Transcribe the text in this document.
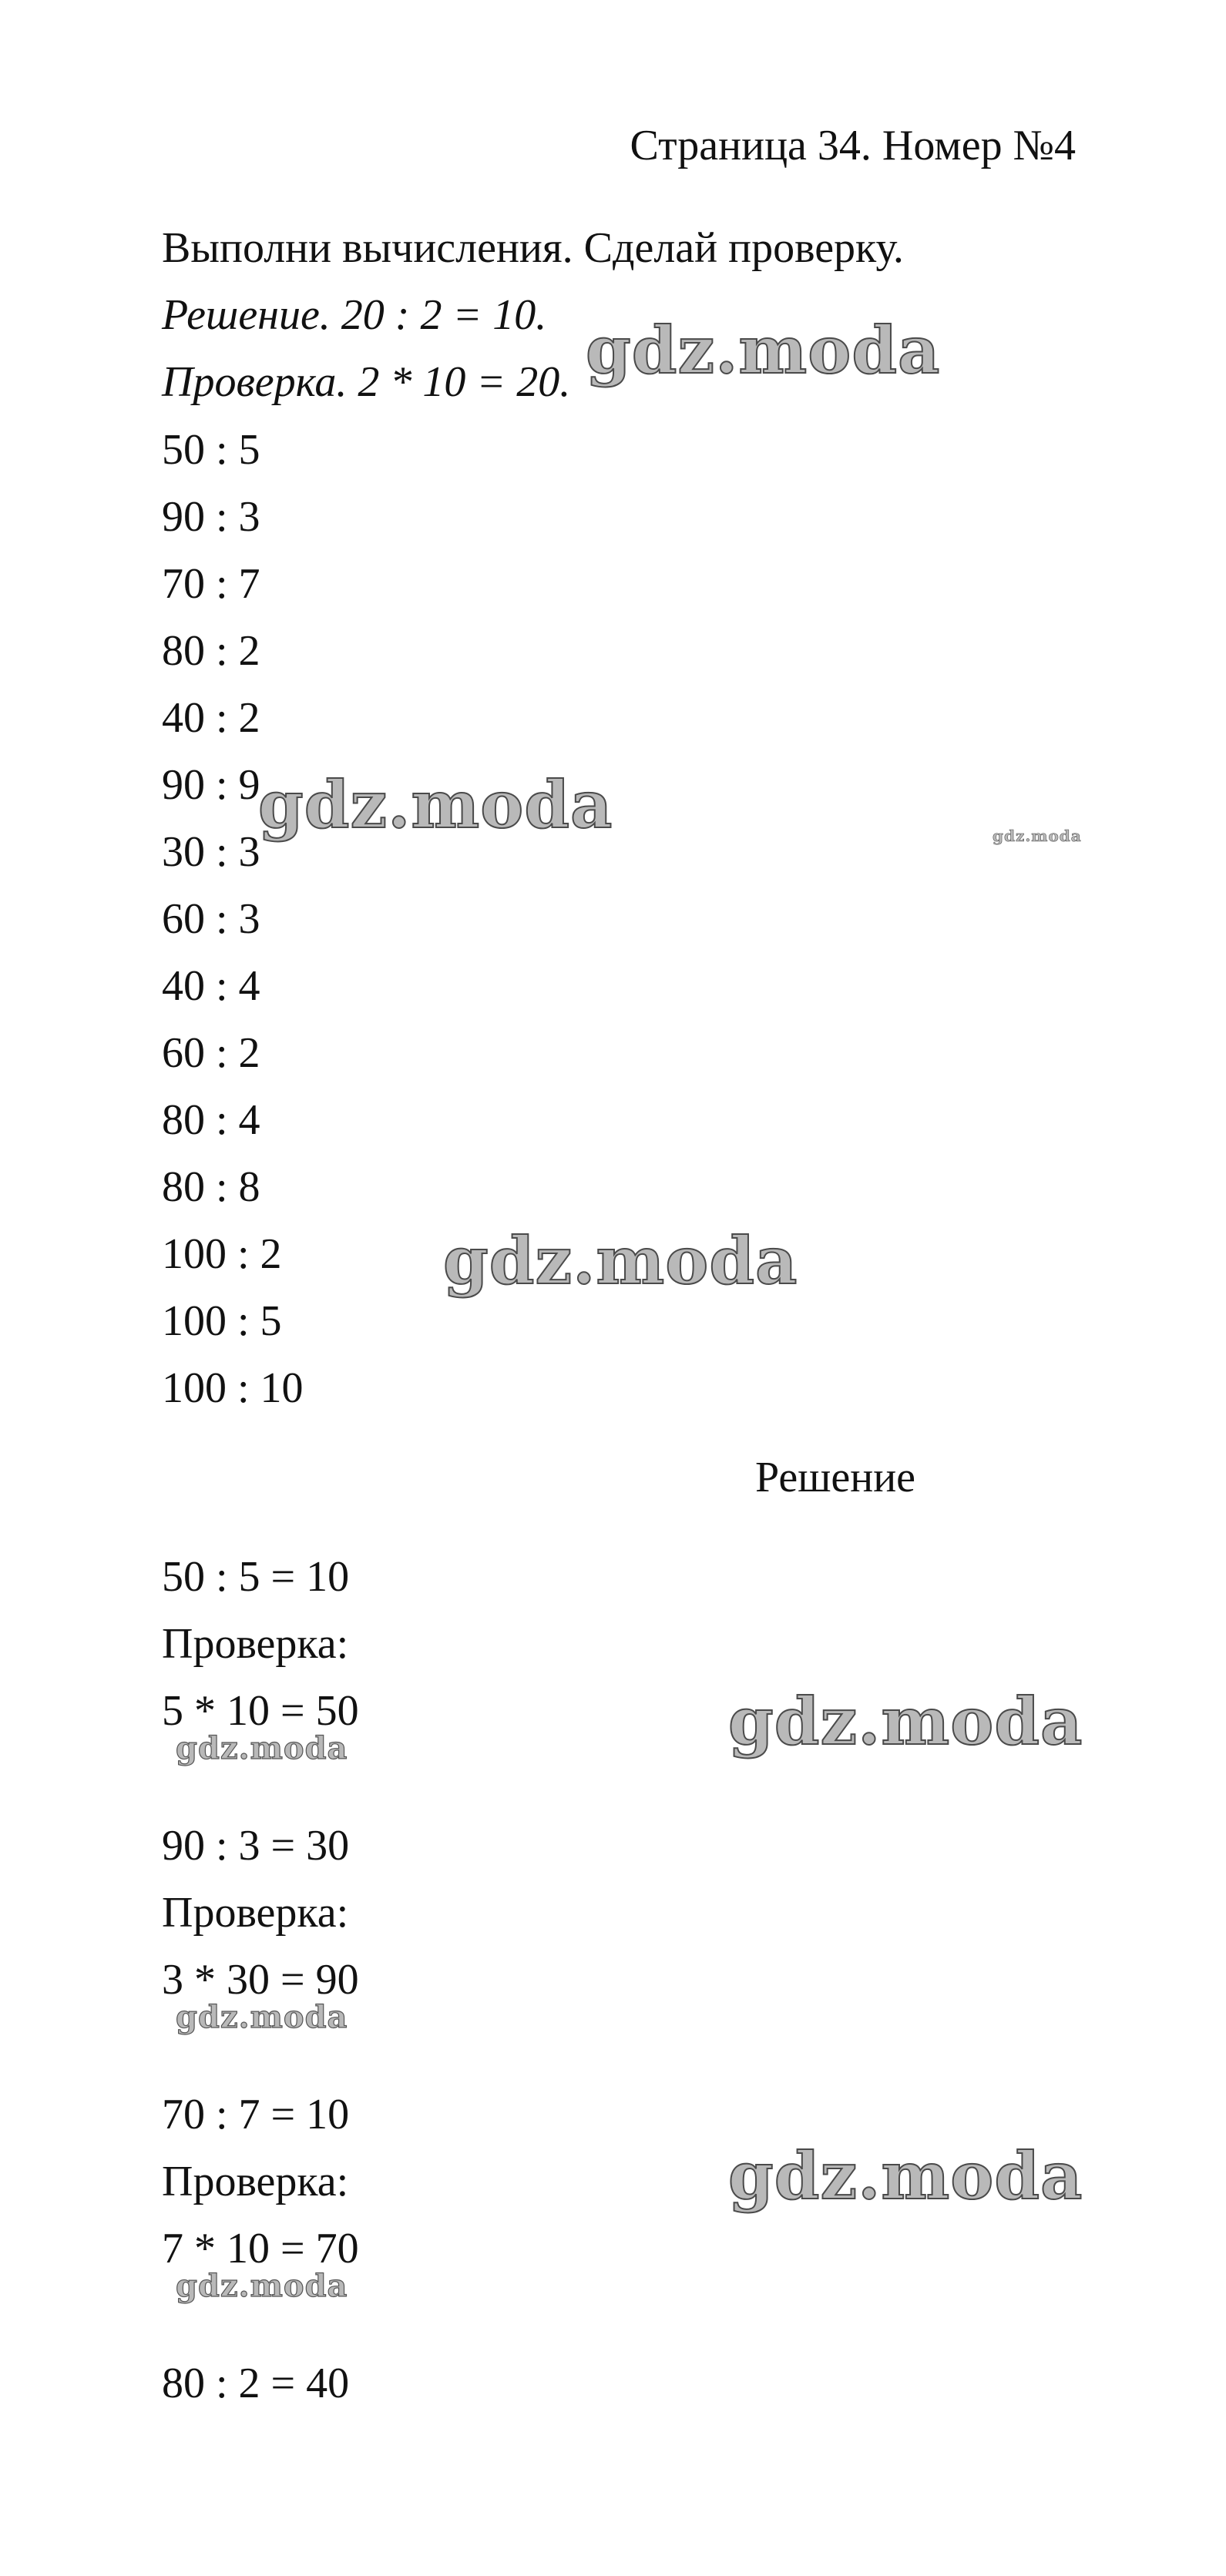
Страница 34. Номер №4
Выполни вычисления. Сделай проверку.
Решение. 20 : 2 = 10.
Проверка. 2 * 10 = 20.
50 : 5
90 : 3
70 : 7
80 : 2
40 : 2
90 : 9
30 : 3
60 : 3
40 : 4
60 : 2
80 : 4
80 : 8
100 : 2
100 : 5
100 : 10
Решение
50 : 5 = 10
Проверка:
5 * 10 = 50
90 : 3 = 30
Проверка:
3 * 30 = 90
70 : 7 = 10
Проверка:
7 * 10 = 70
80 : 2 = 40
gdz.moda
gdz.moda	gdz.moda
gdz.moda
gdz.moda
gdz.moda
gdz.moda
gdz.moda
gdz.moda
